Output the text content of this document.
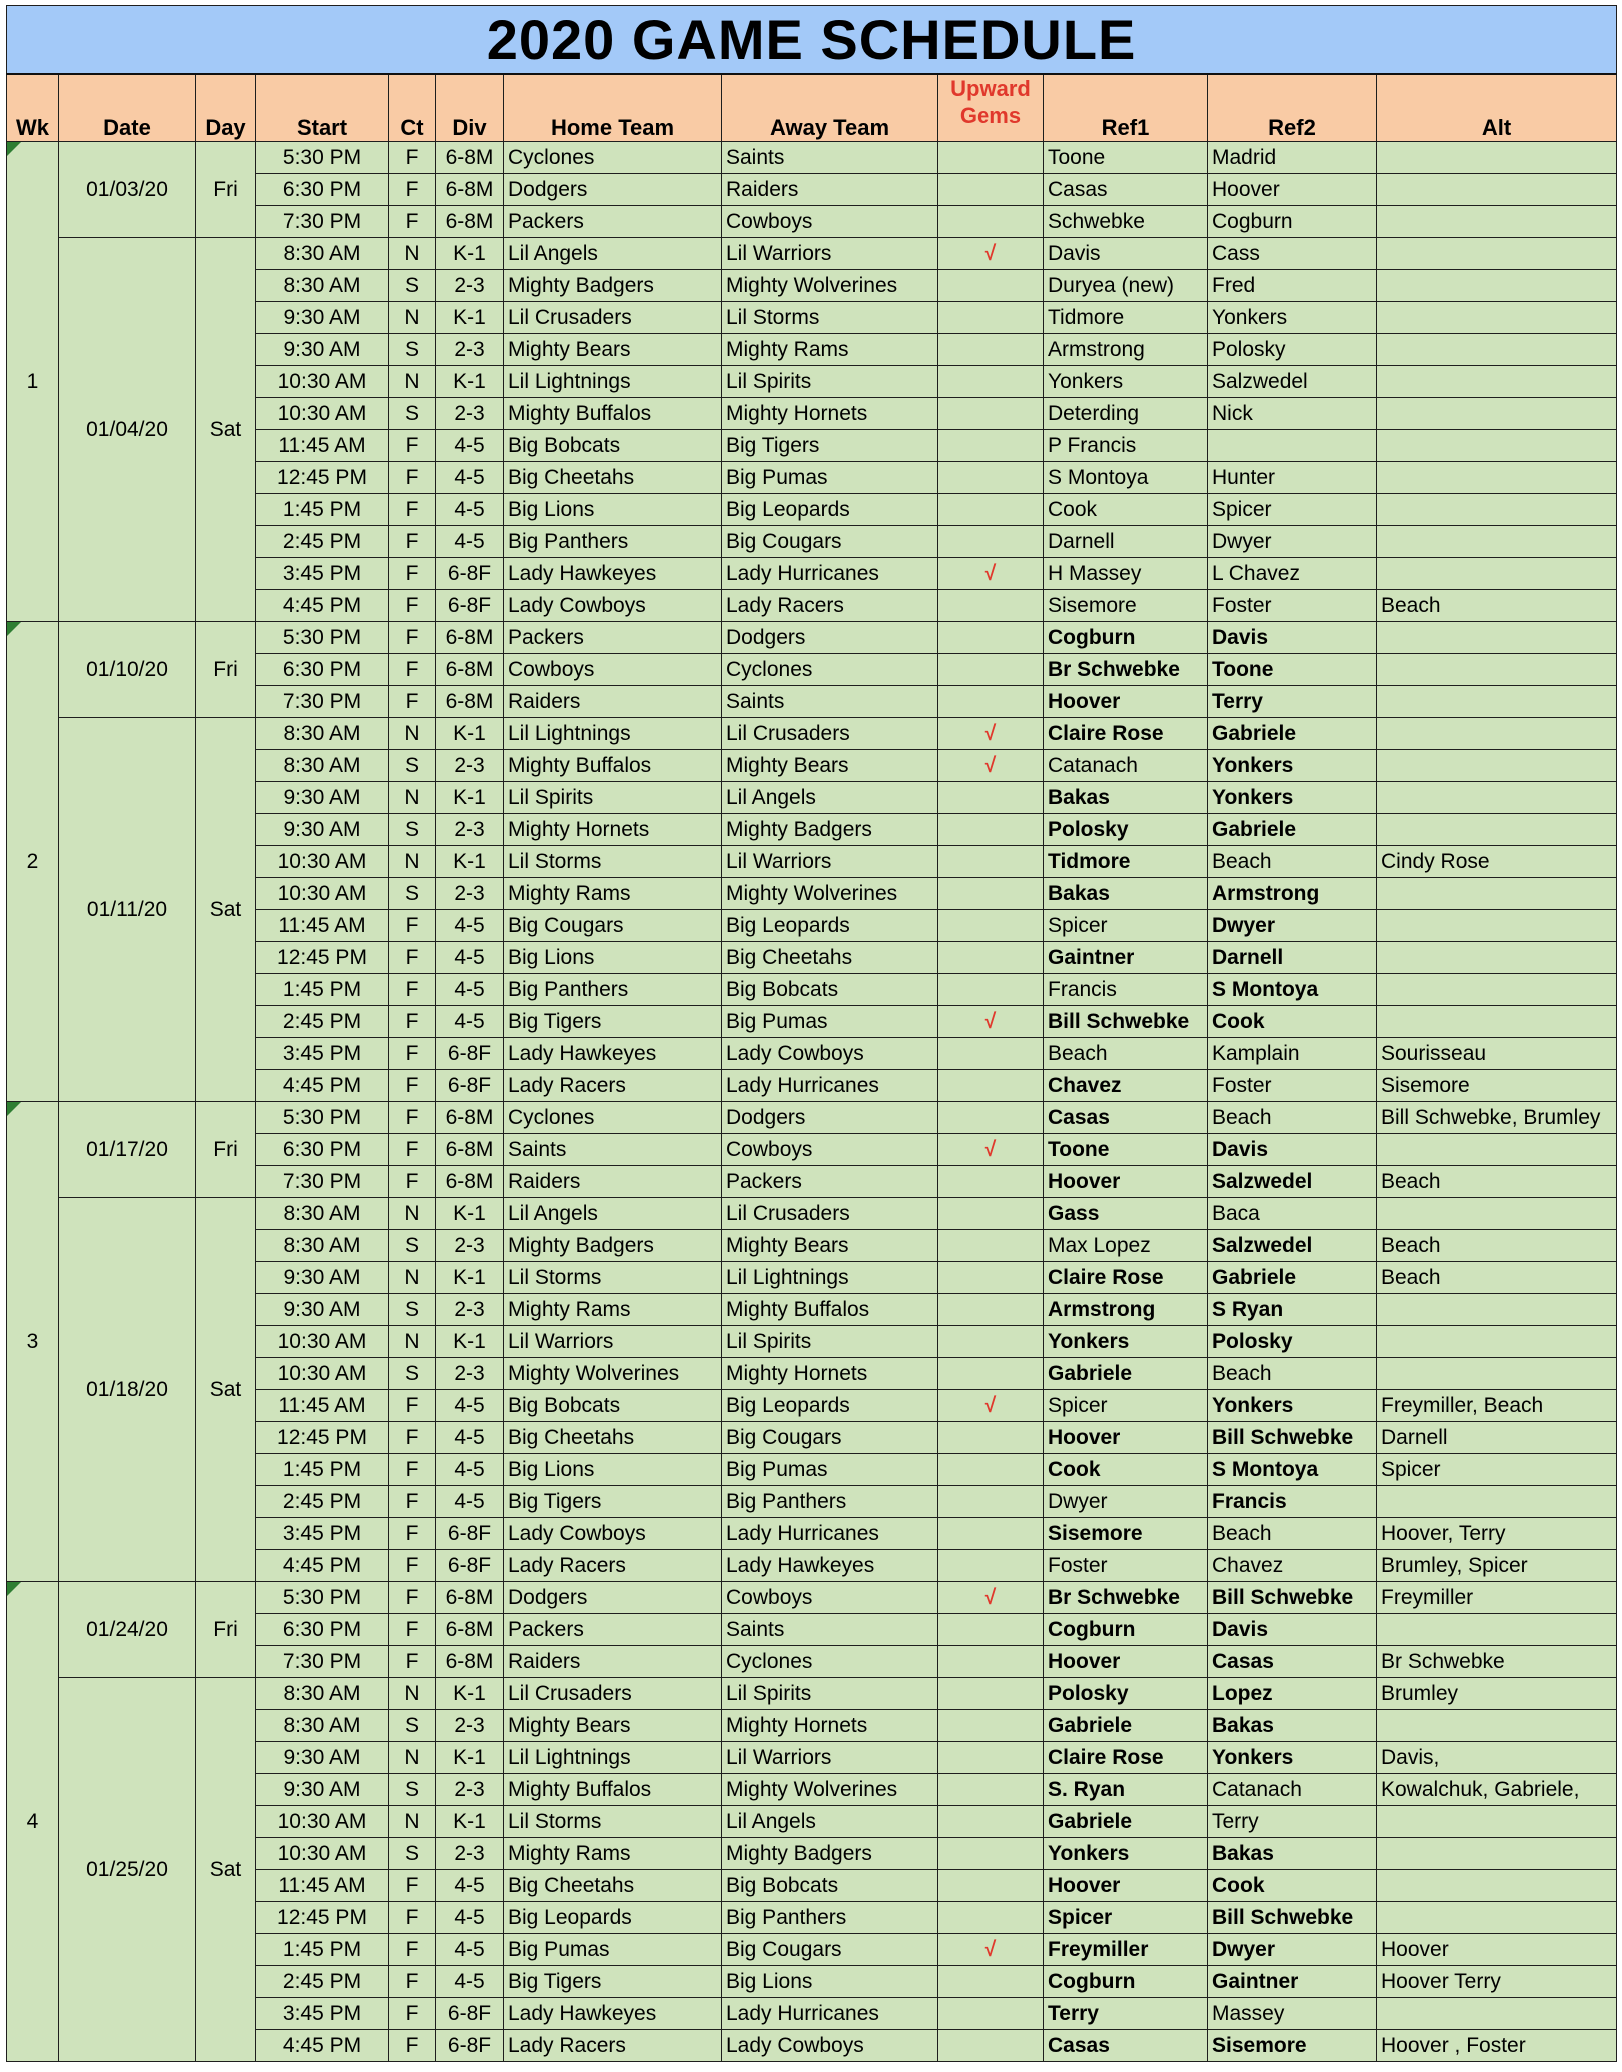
2020 GAME SCHEDULE											
Wk	Date	Day	Start	Ct	Div	Home Team	Away Team	Upward Gems	Ref1	Ref2	Alt
1	01/03/20	Fri	5:30 PM	F	6-8M	Cyclones	Saints		Toone	Madrid	
			6:30 PM	F	6-8M	Dodgers	Raiders		Casas	Hoover	
			7:30 PM	F	6-8M	Packers	Cowboys		Schwebke	Cogburn	
	01/04/20	Sat	8:30 AM	N	K-1	Lil Angels	Lil Warriors	√	Davis	Cass	
			8:30 AM	S	2-3	Mighty Badgers	Mighty Wolverines		Duryea (new)	Fred	
			9:30 AM	N	K-1	Lil Crusaders	Lil Storms		Tidmore	Yonkers	
			9:30 AM	S	2-3	Mighty Bears	Mighty Rams		Armstrong	Polosky	
			10:30 AM	N	K-1	Lil Lightnings	Lil Spirits		Yonkers	Salzwedel	
			10:30 AM	S	2-3	Mighty Buffalos	Mighty Hornets		Deterding	Nick	
			11:45 AM	F	4-5	Big Bobcats	Big Tigers		P Francis		
			12:45 PM	F	4-5	Big Cheetahs	Big Pumas		S Montoya	Hunter	
			1:45 PM	F	4-5	Big Lions	Big Leopards		Cook	Spicer	
			2:45 PM	F	4-5	Big Panthers	Big Cougars		Darnell	Dwyer	
			3:45 PM	F	6-8F	Lady Hawkeyes	Lady Hurricanes	√	H Massey	L Chavez	
			4:45 PM	F	6-8F	Lady Cowboys	Lady Racers		Sisemore	Foster	Beach
2	01/10/20	Fri	5:30 PM	F	6-8M	Packers	Dodgers		Cogburn	Davis	
			6:30 PM	F	6-8M	Cowboys	Cyclones		Br Schwebke	Toone	
			7:30 PM	F	6-8M	Raiders	Saints		Hoover	Terry	
	01/11/20	Sat	8:30 AM	N	K-1	Lil Lightnings	Lil Crusaders	√	Claire Rose	Gabriele	
			8:30 AM	S	2-3	Mighty Buffalos	Mighty Bears	√	Catanach	Yonkers	
			9:30 AM	N	K-1	Lil Spirits	Lil Angels		Bakas	Yonkers	
			9:30 AM	S	2-3	Mighty Hornets	Mighty Badgers		Polosky	Gabriele	
			10:30 AM	N	K-1	Lil Storms	Lil Warriors		Tidmore	Beach	Cindy Rose
			10:30 AM	S	2-3	Mighty Rams	Mighty Wolverines		Bakas	Armstrong	
			11:45 AM	F	4-5	Big Cougars	Big Leopards		Spicer	Dwyer	
			12:45 PM	F	4-5	Big Lions	Big Cheetahs		Gaintner	Darnell	
			1:45 PM	F	4-5	Big Panthers	Big Bobcats		Francis	S Montoya	
			2:45 PM	F	4-5	Big Tigers	Big Pumas	√	Bill Schwebke	Cook	
			3:45 PM	F	6-8F	Lady Hawkeyes	Lady Cowboys		Beach	Kamplain	Sourisseau
			4:45 PM	F	6-8F	Lady Racers	Lady Hurricanes		Chavez	Foster	Sisemore
3	01/17/20	Fri	5:30 PM	F	6-8M	Cyclones	Dodgers		Casas	Beach	Bill Schwebke, Brumley
			6:30 PM	F	6-8M	Saints	Cowboys	√	Toone	Davis	
			7:30 PM	F	6-8M	Raiders	Packers		Hoover	Salzwedel	Beach
	01/18/20	Sat	8:30 AM	N	K-1	Lil Angels	Lil Crusaders		Gass	Baca	
			8:30 AM	S	2-3	Mighty Badgers	Mighty Bears		Max Lopez	Salzwedel	Beach
			9:30 AM	N	K-1	Lil Storms	Lil Lightnings		Claire Rose	Gabriele	Beach
			9:30 AM	S	2-3	Mighty Rams	Mighty Buffalos		Armstrong	S Ryan	
			10:30 AM	N	K-1	Lil Warriors	Lil Spirits		Yonkers	Polosky	
			10:30 AM	S	2-3	Mighty Wolverines	Mighty Hornets		Gabriele	Beach	
			11:45 AM	F	4-5	Big Bobcats	Big Leopards	√	Spicer	Yonkers	Freymiller, Beach
			12:45 PM	F	4-5	Big Cheetahs	Big Cougars		Hoover	Bill Schwebke	Darnell
			1:45 PM	F	4-5	Big Lions	Big Pumas		Cook	S Montoya	Spicer
			2:45 PM	F	4-5	Big Tigers	Big Panthers		Dwyer	Francis	
			3:45 PM	F	6-8F	Lady Cowboys	Lady Hurricanes		Sisemore	Beach	Hoover, Terry
			4:45 PM	F	6-8F	Lady Racers	Lady Hawkeyes		Foster	Chavez	Brumley, Spicer
4	01/24/20	Fri	5:30 PM	F	6-8M	Dodgers	Cowboys	√	Br Schwebke	Bill Schwebke	Freymiller
			6:30 PM	F	6-8M	Packers	Saints		Cogburn	Davis	
			7:30 PM	F	6-8M	Raiders	Cyclones		Hoover	Casas	Br Schwebke
	01/25/20	Sat	8:30 AM	N	K-1	Lil Crusaders	Lil Spirits		Polosky	Lopez	Brumley
			8:30 AM	S	2-3	Mighty Bears	Mighty Hornets		Gabriele	Bakas	
			9:30 AM	N	K-1	Lil Lightnings	Lil Warriors		Claire Rose	Yonkers	Davis,
			9:30 AM	S	2-3	Mighty Buffalos	Mighty Wolverines		S. Ryan	Catanach	Kowalchuk, Gabriele,
			10:30 AM	N	K-1	Lil Storms	Lil Angels		Gabriele	Terry	
			10:30 AM	S	2-3	Mighty Rams	Mighty Badgers		Yonkers	Bakas	
			11:45 AM	F	4-5	Big Cheetahs	Big Bobcats		Hoover	Cook	
			12:45 PM	F	4-5	Big Leopards	Big Panthers		Spicer	Bill Schwebke	
			1:45 PM	F	4-5	Big Pumas	Big Cougars	√	Freymiller	Dwyer	Hoover
			2:45 PM	F	4-5	Big Tigers	Big Lions		Cogburn	Gaintner	Hoover Terry
			3:45 PM	F	6-8F	Lady Hawkeyes	Lady Hurricanes		Terry	Massey	
			4:45 PM	F	6-8F	Lady Racers	Lady Cowboys		Casas	Sisemore	Hoover , Foster
